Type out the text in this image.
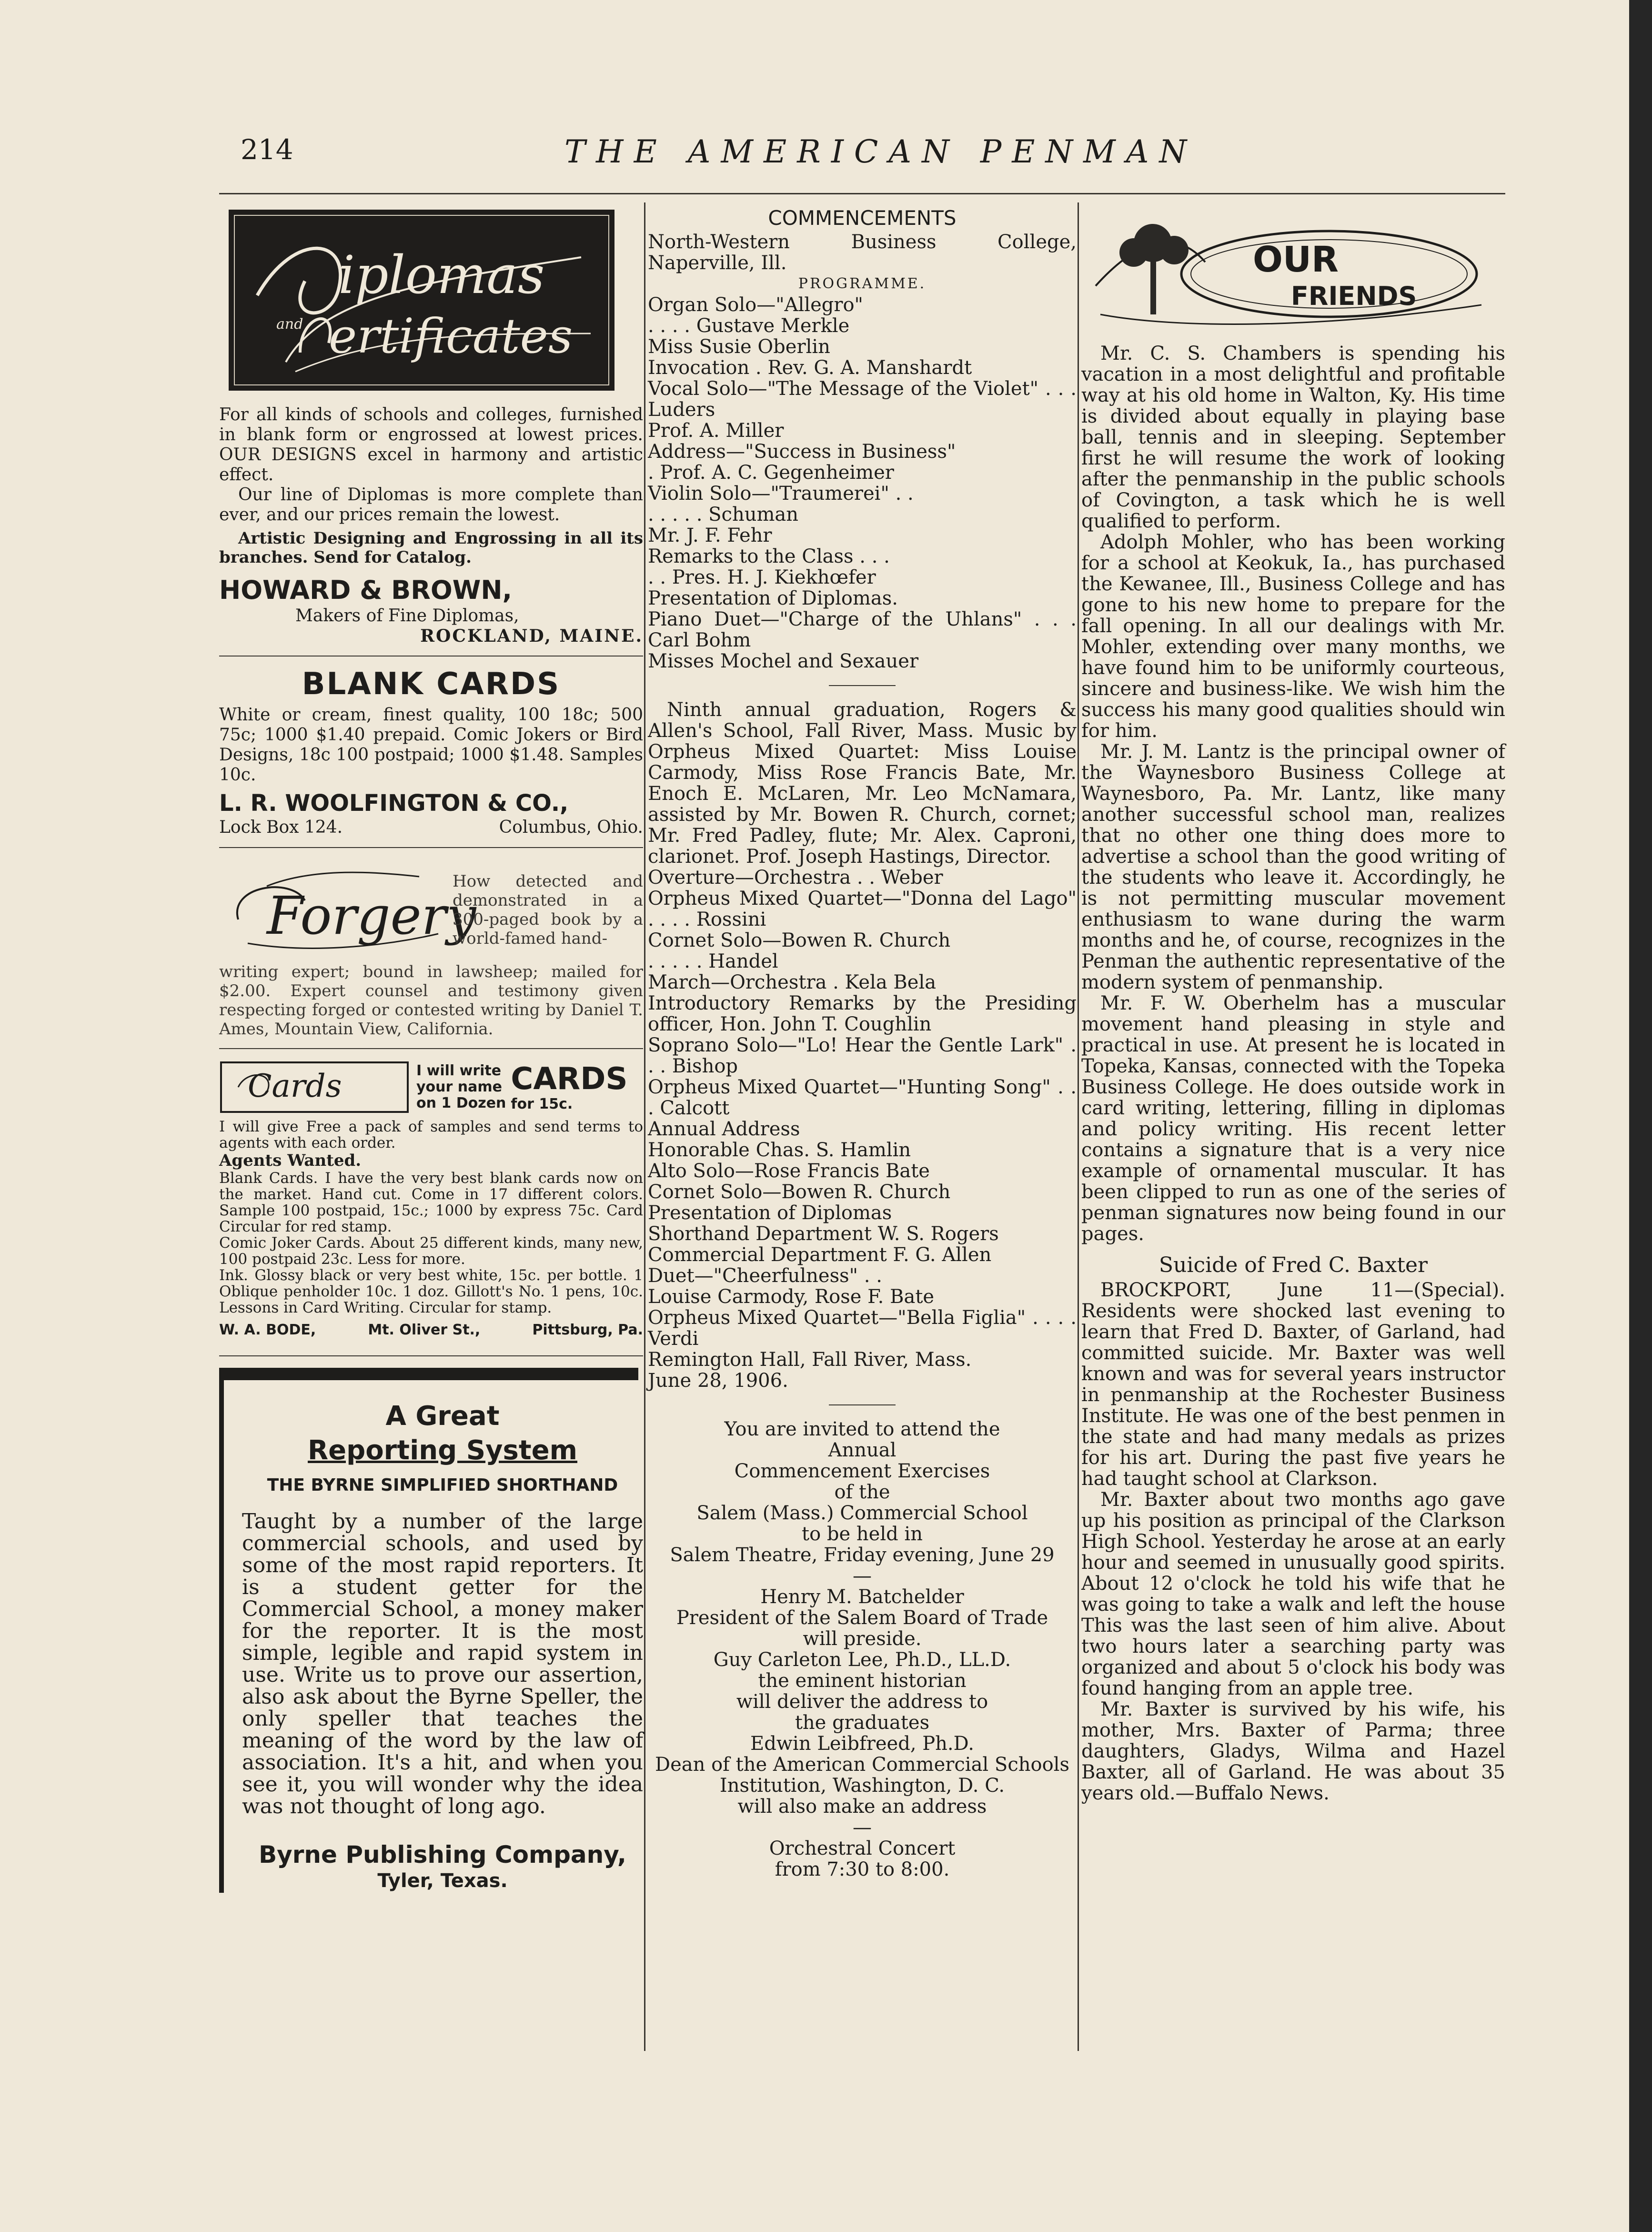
214	THE AMERICAN PENMAN
iplomas
ertificates
and

For all kinds of schools and colleges, furnished in blank form or engrossed at lowest prices. OUR DESIGNS excel in harmony and artistic effect.

Our line of Diplomas is more complete than ever, and our prices remain the lowest.

Artistic Designing and Engrossing in all its branches. Send for Catalog.

HOWARD & BROWN,

Makers of Fine Diplomas,

ROCKLAND, MAINE.

BLANK CARDS

White or cream, finest quality, 100 18c; 500 75c; 1000 $1.40 prepaid. Comic Jokers or Bird Designs, 18c 100 postpaid; 1000 $1.48. Samples 10c.

L. R. WOOLFINGTON & CO.,

Lock Box 124.	Columbus, Ohio.
Forgery

How detected and demonstrated in a 300-paged book by a world-famed hand-

writing expert; bound in lawsheep; mailed for $2.00. Expert counsel and testimony given respecting forged or contested writing by Daniel T. Ames, Mountain View, California.

Cards	I will write

your name

on 1 Dozen

CARDS

for 15c.

I will give Free a pack of samples and send terms to agents with each order.

Agents Wanted.

Blank Cards. I have the very best blank cards now on the market. Hand cut. Come in 17 different colors. Sample 100 postpaid, 15c.; 1000 by express 75c. Card Circular for red stamp.

Comic Joker Cards. About 25 different kinds, many new, 100 postpaid 23c. Less for more.

Ink. Glossy black or very best white, 15c. per bottle. 1 Oblique penholder 10c. 1 doz. Gillott's No. 1 pens, 10c. Lessons in Card Writing. Circular for stamp.

W. A. BODE,	Mt. Oliver St.,	Pittsburg, Pa.

A Great

Reporting System

THE BYRNE SIMPLIFIED SHORTHAND

Taught by a number of the large commercial schools, and used by some of the most rapid reporters. It is a student getter for the Commercial School, a money maker for the reporter. It is the most simple, legible and rapid system in use. Write us to prove our assertion, also ask about the Byrne Speller, the only speller that teaches the meaning of the word by the law of association. It's a hit, and when you see it, you will wonder why the idea was not thought of long ago.

Byrne Publishing Company,

Tyler, Texas.

COMMENCEMENTS

North-Western Business College, Naperville, Ill.

PROGRAMME.

Organ Solo—"Allegro"

. . . . Gustave Merkle

Miss Susie Oberlin

Invocation . Rev. G. A. Manshardt

Vocal Solo—"The Message of the Violet" . . . Luders

Prof. A. Miller

Address—"Success in Business"

. Prof. A. C. Gegenheimer

Violin Solo—"Traumerei" . .

. . . . . Schuman

Mr. J. F. Fehr

Remarks to the Class . . .

. . Pres. H. J. Kiekhœfer

Presentation of Diplomas.

Piano Duet—"Charge of the Uhlans" . . . Carl Bohm

Misses Mochel and Sexauer

Ninth annual graduation, Rogers & Allen's School, Fall River, Mass. Music by Orpheus Mixed Quartet: Miss Louise Carmody, Miss Rose Francis Bate, Mr. Enoch E. McLaren, Mr. Leo McNamara, assisted by Mr. Bowen R. Church, cornet; Mr. Fred Padley, flute; Mr. Alex. Caproni, clarionet. Prof. Joseph Hastings, Director.

Overture—Orchestra . . Weber

Orpheus Mixed Quartet—"Donna del Lago" . . . . Rossini

Cornet Solo—Bowen R. Church

. . . . . Handel

March—Orchestra . Kela Bela

Introductory Remarks by the Presiding officer, Hon. John T. Coughlin

Soprano Solo—"Lo! Hear the Gentle Lark" . . . Bishop

Orpheus Mixed Quartet—"Hunting Song" . . . Calcott

Annual Address

Honorable Chas. S. Hamlin

Alto Solo—Rose Francis Bate

Cornet Solo—Bowen R. Church

Presentation of Diplomas

Shorthand Department W. S. Rogers

Commercial Department F. G. Allen

Duet—"Cheerfulness" . .

Louise Carmody, Rose F. Bate

Orpheus Mixed Quartet—"Bella Figlia" . . . . Verdi

Remington Hall, Fall River, Mass.

June 28, 1906.

You are invited to attend the

Annual

Commencement Exercises

of the

Salem (Mass.) Commercial School

to be held in

Salem Theatre, Friday evening, June 29

—

Henry M. Batchelder

President of the Salem Board of Trade

will preside.

Guy Carleton Lee, Ph.D., LL.D.

the eminent historian

will deliver the address to

the graduates

Edwin Leibfreed, Ph.D.

Dean of the American Commercial Schools Institution, Washington, D. C.

will also make an address

—

Orchestral Concert

from 7:30 to 8:00.

OUR
FRIENDS

Mr. C. S. Chambers is spending his vacation in a most delightful and profitable way at his old home in Walton, Ky. His time is divided about equally in playing base ball, tennis and in sleeping. September first he will resume the work of looking after the penmanship in the public schools of Covington, a task which he is well qualified to perform.

Adolph Mohler, who has been working for a school at Keokuk, Ia., has purchased the Kewanee, Ill., Business College and has gone to his new home to prepare for the fall opening. In all our dealings with Mr. Mohler, extending over many months, we have found him to be uniformly courteous, sincere and business-like. We wish him the success his many good qualities should win for him.

Mr. J. M. Lantz is the principal owner of the Waynesboro Business College at Waynesboro, Pa. Mr. Lantz, like many another successful school man, realizes that no other one thing does more to advertise a school than the good writing of the students who leave it. Accordingly, he is not permitting muscular movement enthusiasm to wane during the warm months and he, of course, recognizes in the Penman the authentic representative of the modern system of penmanship.

Mr. F. W. Oberhelm has a muscular movement hand pleasing in style and practical in use. At present he is located in Topeka, Kansas, connected with the Topeka Business College. He does outside work in card writing, lettering, filling in diplomas and policy writing. His recent letter contains a signature that is a very nice example of ornamental muscular. It has been clipped to run as one of the series of penman signatures now being found in our pages.

Suicide of Fred C. Baxter

BROCKPORT, June 11—(Special). Residents were shocked last evening to learn that Fred D. Baxter, of Garland, had committed suicide. Mr. Baxter was well known and was for several years instructor in penmanship at the Rochester Business Institute. He was one of the best penmen in the state and had many medals as prizes for his art. During the past five years he had taught school at Clarkson.

Mr. Baxter about two months ago gave up his position as principal of the Clarkson High School. Yesterday he arose at an early hour and seemed in unusually good spirits. About 12 o'clock he told his wife that he was going to take a walk and left the house This was the last seen of him alive. About two hours later a searching party was organized and about 5 o'clock his body was found hanging from an apple tree.

Mr. Baxter is survived by his wife, his mother, Mrs. Baxter of Parma; three daughters, Gladys, Wilma and Hazel Baxter, all of Garland. He was about 35 years old.—Buffalo News.
